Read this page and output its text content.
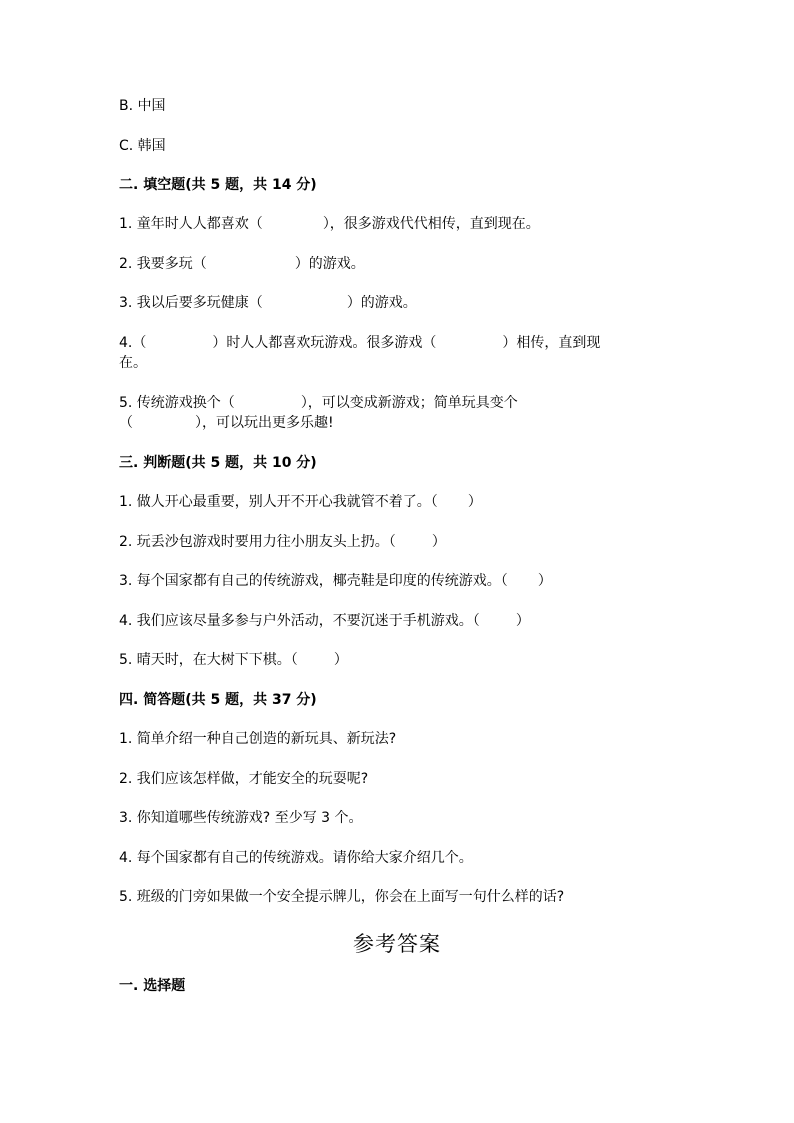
B. 中国
C. 韩国
二. 填空题(共 5 题，共 14 分)
1. 童年时人人都喜欢（	），很多游戏代代相传，直到现在。
2. 我要多玩（	）的游戏。
3. 我以后要多玩健康（	）的游戏。
4.（	）时人人都喜欢玩游戏。很多游戏（	）相传，直到现
在。
5. 传统游戏换个（	），可以变成新游戏；简单玩具变个
（	），可以玩出更多乐趣!
三. 判断题(共 5 题，共 10 分)
1. 做人开心最重要，别人开不开心我就管不着了。（ ）
2. 玩丢沙包游戏时要用力往小朋友头上扔。（	）
3. 每个国家都有自己的传统游戏，椰壳鞋是印度的传统游戏。（ ）
4. 我们应该尽量多参与户外活动，不要沉迷于手机游戏。（	）
5. 晴天时，在大树下下棋。（	）
四. 简答题(共 5 题，共 37 分)
1. 简单介绍一种自己创造的新玩具、新玩法?
2. 我们应该怎样做，才能安全的玩耍呢?
3. 你知道哪些传统游戏? 至少写 3 个。
4. 每个国家都有自己的传统游戏。请你给大家介绍几个。
5. 班级的门旁如果做一个安全提示牌儿，你会在上面写一句什么样的话?
参考答案
一. 选择题
